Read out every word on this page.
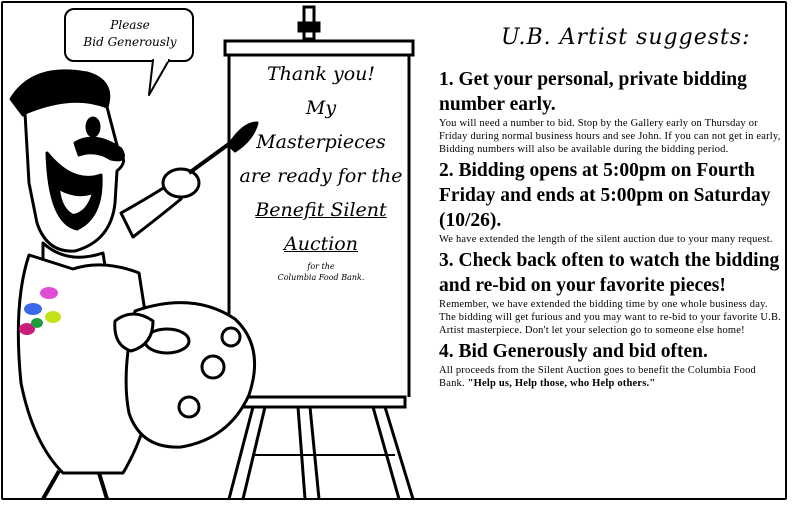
Please
Bid Generously
Thank you!
My
Masterpieces
are ready for the
Benefit Silent
Auction
for the
Columbia Food Bank.
U.B. Artist suggests:

1. Get your personal, private bidding number early.

You will need a number to bid. Stop by the Gallery early on Thursday or Friday during normal business hours and see John. If you can not get in early, Bidding numbers will also be available during the bidding period.

2. Bidding opens at 5:00pm on Fourth Friday and ends at 5:00pm on Saturday (10/26).

We have extended the length of the silent auction due to your many request.

3. Check back often to watch the bidding and re-bid on your favorite pieces!

Remember, we have extended the bidding time by one whole business day. The bidding will get furious and you may want to re-bid to your favorite U.B. Artist masterpiece. Don't let your selection go to someone else home!

4. Bid Generously and bid often.

All proceeds from the Silent Auction goes to benefit the Columbia Food Bank. "Help us, Help those, who Help others."
